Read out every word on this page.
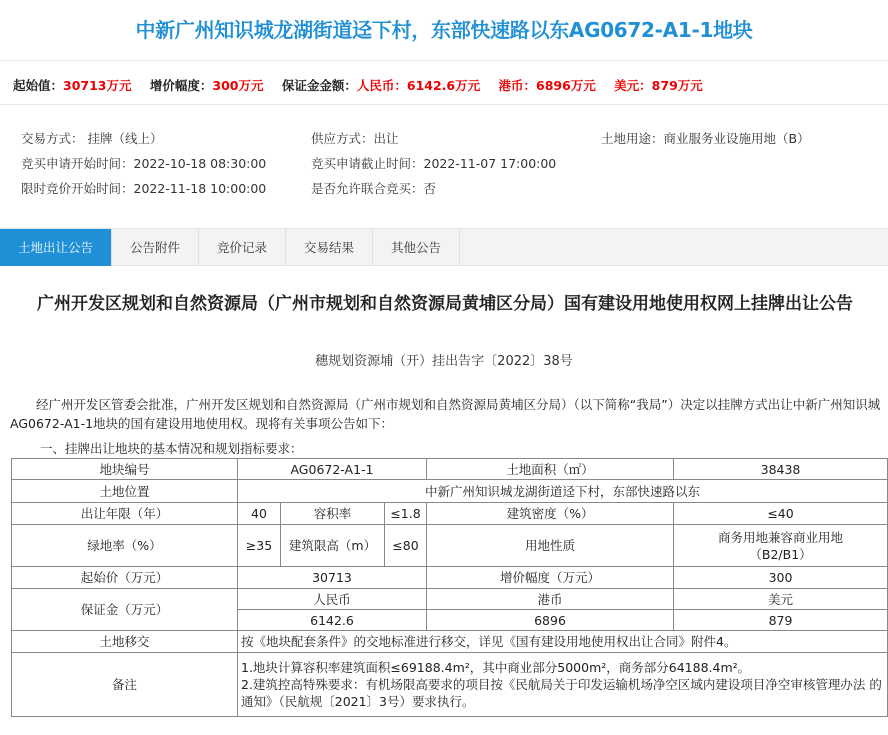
中新广州知识城龙湖街道迳下村，东部快速路以东AG0672-A1-1地块
起始值：30713万元 增价幅度：300万元 保证金金额：人民币：6142.6万元 港币：6896万元 美元：879万元
交易方式： 挂牌（线上）	供应方式：出让	土地用途：商业服务业设施用地（B）
竞买申请开始时间：2022-10-18 08:30:00	竞买申请截止时间：2022-11-07 17:00:00
限时竞价开始时间：2022-11-18 10:00:00	是否允许联合竞买：否
土地出让公告	公告附件	竞价记录	交易结果	其他公告
广州开发区规划和自然资源局（广州市规划和自然资源局黄埔区分局）国有建设用地使用权网上挂牌出让公告
穗规划资源埔（开）挂出告字〔2022〕38号
经广州开发区管委会批准，广州开发区规划和自然资源局（广州市规划和自然资源局黄埔区分局）（以下简称“我局”）决定以挂牌方式出让中新广州知识城AG0672-A1-1地块的国有建设用地使用权。现将有关事项公告如下：
一、挂牌出让地块的基本情况和规划指标要求：
地块编号	AG0672-A1-1			土地面积（㎡）	38438
土地位置	中新广州知识城龙湖街道迳下村，东部快速路以东				
出让年限（年）	40	容积率	≤1.8	建筑密度（%）	≤40
绿地率（%）	≥35	建筑限高（m）	≤80	用地性质	商务用地兼容商业用地
（B2/B1）

起始价（万元）	30713			增价幅度（万元）	300
保证金（万元）	人民币			港币	美元
	6142.6			6896	879
土地移交	按《地块配套条件》的交地标准进行移交，详见《国有建设用地使用权出让合同》附件4。				
备注	1.地块计算容积率建筑面积≤69188.4m²，其中商业部分5000m²，商务部分64188.4m²。
2.建筑控高特殊要求：有机场限高要求的项目按《民航局关于印发运输机场净空区域内建设项目净空审核管理办法 的通知》（民航规〔2021〕3号）要求执行。				
